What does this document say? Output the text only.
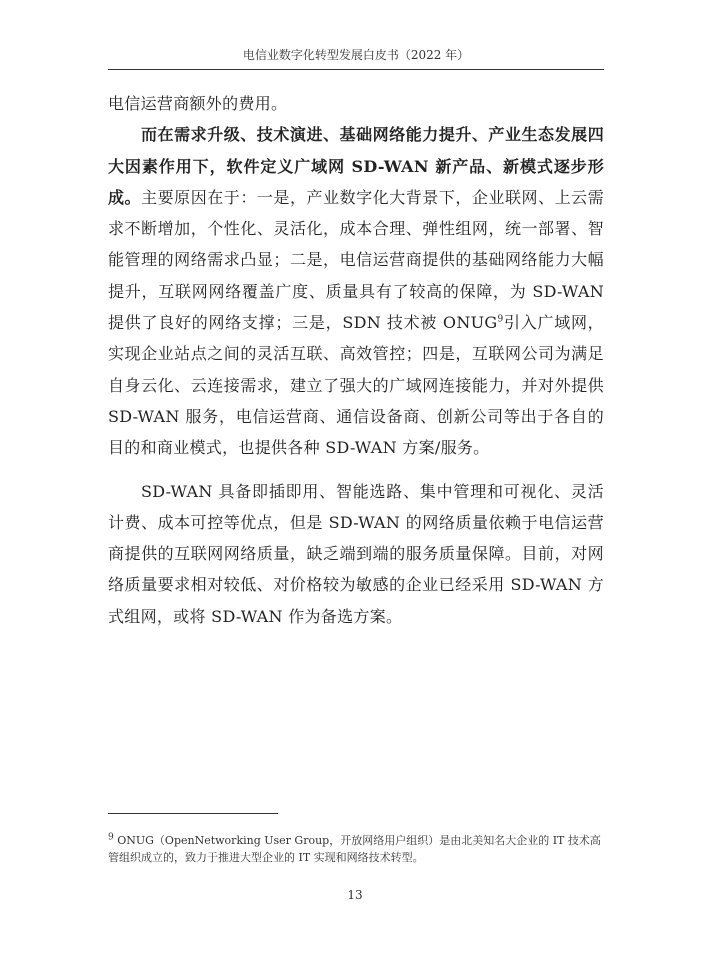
电信业数字化转型发展白皮书（2022 年）

电信运营商额外的费用。

而在需求升级、技术演进、基础网络能力提升、产业生态发展四大因素作用下，软件定义广域网 SD-WAN 新产品、新模式逐步形成。主要原因在于：一是，产业数字化大背景下，企业联网、上云需求不断增加，个性化、灵活化，成本合理、弹性组网，统一部署、智能管理的网络需求凸显；二是，电信运营商提供的基础网络能力大幅提升，互联网网络覆盖广度、质量具有了较高的保障，为 SD-WAN 提供了良好的网络支撑；三是，SDN 技术被 ONUG$^9$引入广域网，实现企业站点之间的灵活互联、高效管控；四是，互联网公司为满足自身云化、云连接需求，建立了强大的广域网连接能力，并对外提供 SD-WAN 服务，电信运营商、通信设备商、创新公司等出于各自的目的和商业模式，也提供各种 SD-WAN 方案/服务。

SD-WAN 具备即插即用、智能选路、集中管理和可视化、灵活计费、成本可控等优点，但是 SD-WAN 的网络质量依赖于电信运营商提供的互联网网络质量，缺乏端到端的服务质量保障。目前，对网络质量要求相对较低、对价格较为敏感的企业已经采用 SD-WAN 方式组网，或将 SD-WAN 作为备选方案。

$^9$ ONUG（OpenNetworking User Group，开放网络用户组织）是由北美知名大企业的 IT 技术高管组织成立的，致力于推进大型企业的 IT 实现和网络技术转型。
13
